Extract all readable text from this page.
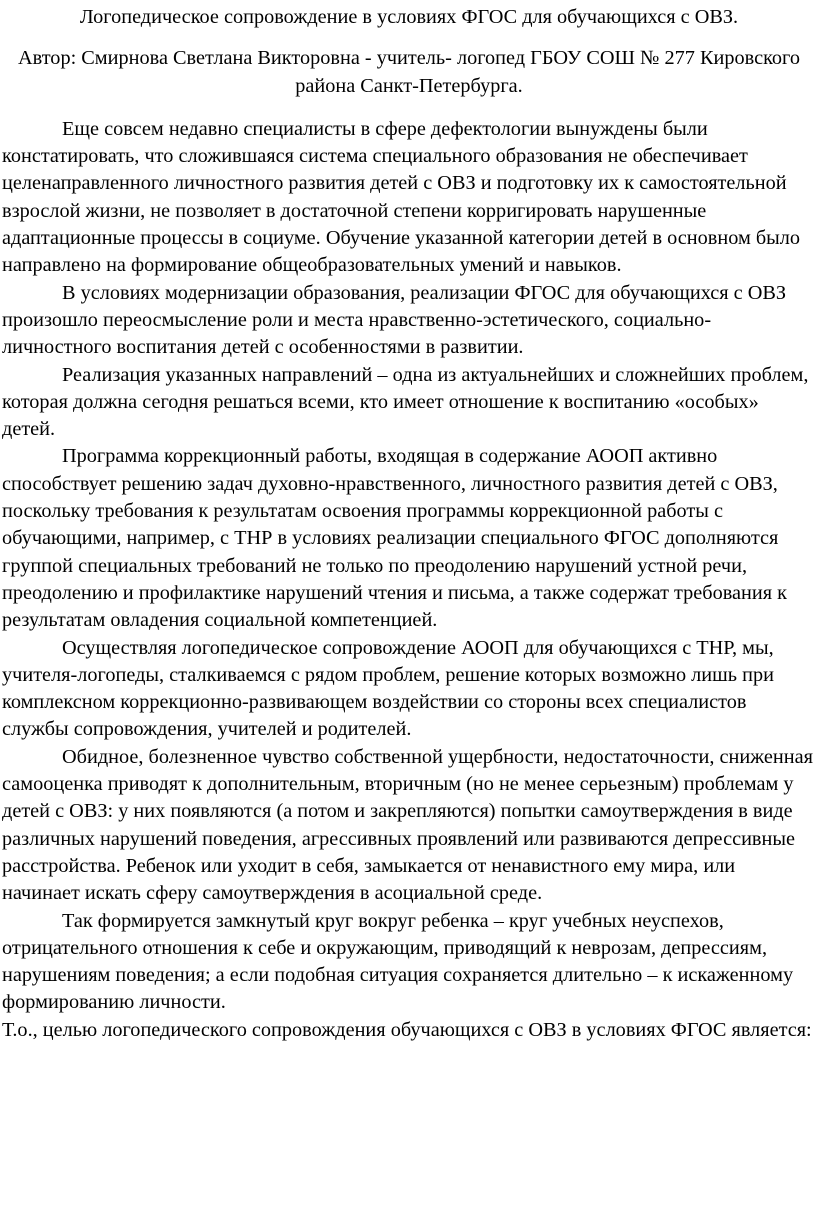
Логопедическое сопровождение в условиях ФГОС для обучающихся с ОВЗ.

Автор: Смирнова Светлана Викторовна - учитель- логопед ГБОУ СОШ № 277 Кировского района Санкт-Петербурга.

Еще совсем недавно специалисты в сфере дефектологии вынуждены были констатировать, что сложившаяся система специального образования не обеспечивает целенаправленного личностного развития детей с ОВЗ и подготовку их к самостоятельной взрослой жизни, не позволяет в достаточной степени корригировать нарушенные адаптационные процессы в социуме. Обучение указанной категории детей в основном было направлено на формирование общеобразовательных умений и навыков.

В условиях модернизации образования, реализации ФГОС для обучающихся с ОВЗ произошло переосмысление роли и места нравственно-эстетического, социально-личностного воспитания детей с особенностями в развитии.

Реализация указанных направлений – одна из актуальнейших и сложнейших проблем, которая должна сегодня решаться всеми, кто имеет отношение к воспитанию «особых» детей.

Программа коррекционный работы, входящая в содержание АООП активно способствует решению задач духовно-нравственного, личностного развития детей с ОВЗ, поскольку требования к результатам освоения программы коррекционной работы с обучающими, например, с ТНР в условиях реализации специального ФГОС дополняются группой специальных требований не только по преодолению нарушений устной речи, преодолению и профилактике нарушений чтения и письма, а также содержат требования к результатам овладения социальной компетенцией.

Осуществляя логопедическое сопровождение АООП для обучающихся с ТНР, мы, учителя-логопеды, сталкиваемся с рядом проблем, решение которых возможно лишь при комплексном коррекционно-развивающем воздействии со стороны всех специалистов службы сопровождения, учителей и родителей.

Обидное, болезненное чувство собственной ущербности, недостаточности, сниженная самооценка приводят к дополнительным, вторичным (но не менее серьезным) проблемам у детей с ОВЗ: у них появляются (а потом и закрепляются) попытки самоутверждения в виде различных нарушений поведения, агрессивных проявлений или развиваются депрессивные расстройства. Ребенок или уходит в себя, замыкается от ненавистного ему мира, или начинает искать сферу самоутверждения в асоциальной среде.

Так формируется замкнутый круг вокруг ребенка – круг учебных неуспехов, отрицательного отношения к себе и окружающим, приводящий к неврозам, депрессиям, нарушениям поведения; а если подобная ситуация сохраняется длительно – к искаженному формированию личности.

Т.о., целью логопедического сопровождения обучающихся с ОВЗ в условиях ФГОС является:
